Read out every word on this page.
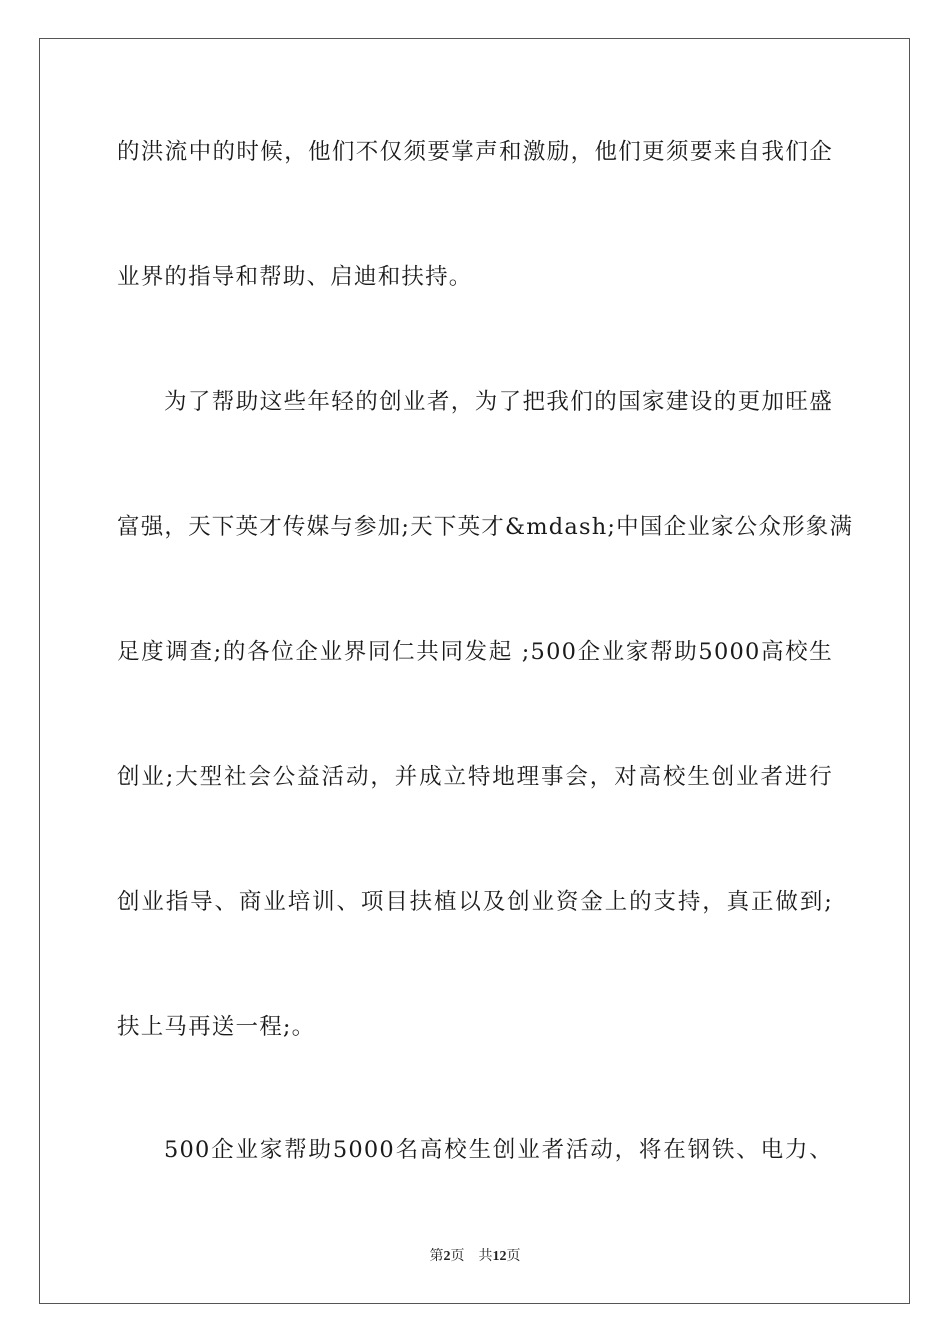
的洪流中的时候，他们不仅须要掌声和激励，他们更须要来自我们企
业界的指导和帮助、启迪和扶持。
为了帮助这些年轻的创业者，为了把我们的国家建设的更加旺盛
富强，天下英才传媒与参加;天下英才&mdash;中国企业家公众形象满
足度调查;的各位企业界同仁共同发起 ;500企业家帮助5000高校生
创业;大型社会公益活动，并成立特地理事会，对高校生创业者进行
创业指导、商业培训、项目扶植以及创业资金上的支持，真正做到;
扶上马再送一程;。
500企业家帮助5000名高校生创业者活动，将在钢铁、电力、
第2页 共12页
